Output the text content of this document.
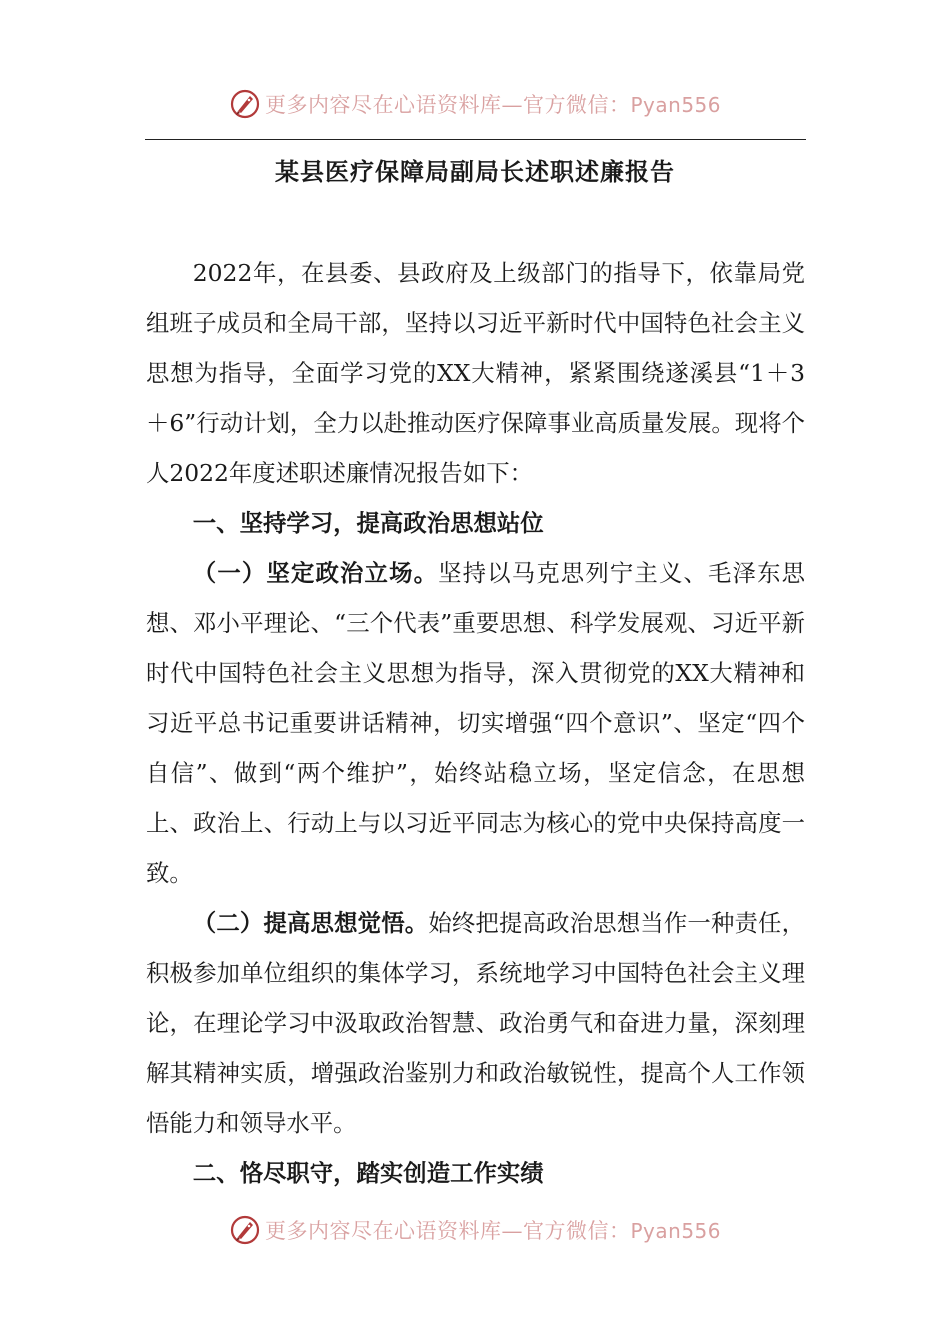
更多内容尽在心语资料库—官方微信：Pyan556
某县医疗保障局副局长述职述廉报告

2022年，在县委、县政府及上级部门的指导下，依靠局党组班子成员和全局干部，坚持以习近平新时代中国特色社会主义思想为指导，全面学习党的XX大精神，紧紧围绕遂溪县“1＋3＋6”行动计划，全力以赴推动医疗保障事业高质量发展。现将个人2022年度述职述廉情况报告如下：

一、坚持学习，提高政治思想站位

（一）坚定政治立场。坚持以马克思列宁主义、毛泽东思想、邓小平理论、“三个代表”重要思想、科学发展观、习近平新时代中国特色社会主义思想为指导，深入贯彻党的XX大精神和习近平总书记重要讲话精神，切实增强“四个意识”、坚定“四个自信”、做到“两个维护”，始终站稳立场，坚定信念，在思想上、政治上、行动上与以习近平同志为核心的党中央保持高度一致。

（二）提高思想觉悟。始终把提高政治思想当作一种责任，积极参加单位组织的集体学习，系统地学习中国特色社会主义理论，在理论学习中汲取政治智慧、政治勇气和奋进力量，深刻理解其精神实质，增强政治鉴别力和政治敏锐性，提高个人工作领悟能力和领导水平。

二、恪尽职守，踏实创造工作实绩

更多内容尽在心语资料库—官方微信：Pyan556
